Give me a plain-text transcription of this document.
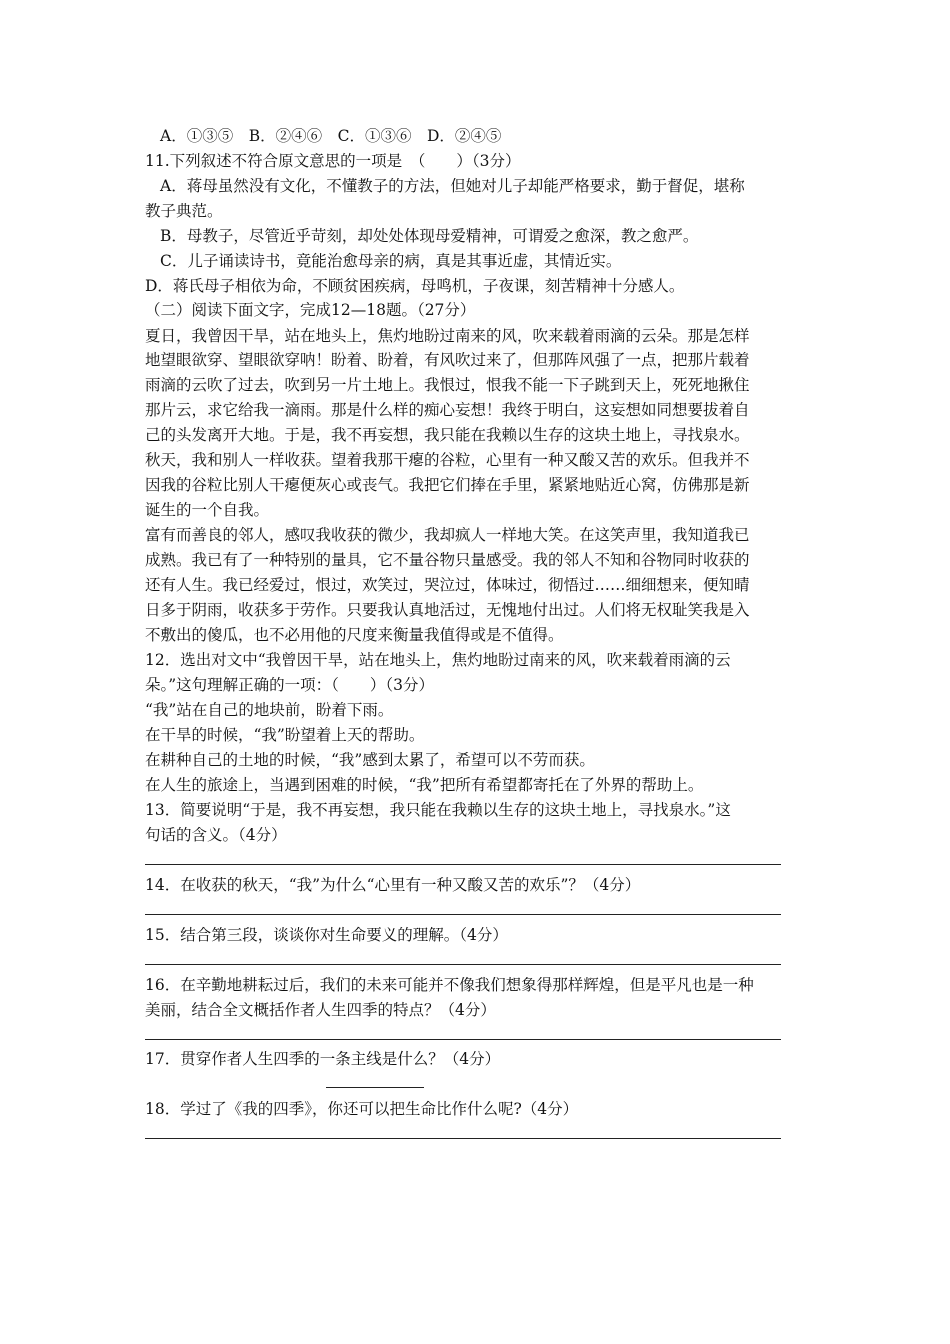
A．①③⑤　B．②④⑥　C．①③⑥　D．②④⑤
11.下列叙述不符合原文意思的一项是　（　　）（3分）
A．蒋母虽然没有文化，不懂教子的方法，但她对儿子却能严格要求，勤于督促，堪称
教子典范。
B．母教子，尽管近乎苛刻，却处处体现母爱精神，可谓爱之愈深，教之愈严。
C．儿子诵读诗书，竟能治愈母亲的病，真是其事近虚，其情近实。
D．蒋氏母子相依为命，不顾贫困疾病，母鸣机，子夜课，刻苦精神十分感人。
（二）阅读下面文字，完成12—18题。（27分）
夏日，我曾因干旱，站在地头上，焦灼地盼过南来的风，吹来载着雨滴的云朵。那是怎样
地望眼欲穿、望眼欲穿呐！盼着、盼着，有风吹过来了，但那阵风强了一点，把那片载着
雨滴的云吹了过去，吹到另一片土地上。我恨过，恨我不能一下子跳到天上，死死地揪住
那片云，求它给我一滴雨。那是什么样的痴心妄想！我终于明白，这妄想如同想要拔着自
己的头发离开大地。于是，我不再妄想，我只能在我赖以生存的这块土地上，寻找泉水。
秋天，我和别人一样收获。望着我那干瘪的谷粒，心里有一种又酸又苦的欢乐。但我并不
因我的谷粒比别人干瘪便灰心或丧气。我把它们捧在手里，紧紧地贴近心窝，仿佛那是新
诞生的一个自我。
富有而善良的邻人，感叹我收获的微少，我却疯人一样地大笑。在这笑声里，我知道我已
成熟。我已有了一种特别的量具，它不量谷物只量感受。我的邻人不知和谷物同时收获的
还有人生。我已经爱过，恨过，欢笑过，哭泣过，体味过，彻悟过……细细想来，便知晴
日多于阴雨，收获多于劳作。只要我认真地活过，无愧地付出过。人们将无权耻笑我是入
不敷出的傻瓜，也不必用他的尺度来衡量我值得或是不值得。
12．选出对文中“我曾因干旱，站在地头上，焦灼地盼过南来的风，吹来载着雨滴的云
朵。”这句理解正确的一项：（　　）（3分）
“我”站在自己的地块前，盼着下雨。
在干旱的时候，“我”盼望着上天的帮助。
在耕种自己的土地的时候，“我”感到太累了，希望可以不劳而获。
在人生的旅途上，当遇到困难的时候，“我”把所有希望都寄托在了外界的帮助上。
13．简要说明“于是，我不再妄想，我只能在我赖以生存的这块土地上，寻找泉水。”这
句话的含义。（4分）
14．在收获的秋天，“我”为什么“心里有一种又酸又苦的欢乐”？（4分）
15．结合第三段，谈谈你对生命要义的理解。（4分）
16．在辛勤地耕耘过后，我们的未来可能并不像我们想象得那样辉煌，但是平凡也是一种
美丽，结合全文概括作者人生四季的特点？（4分）
17．贯穿作者人生四季的一条主线是什么？（4分）
18．学过了《我的四季》，你还可以把生命比作什么呢?（4分）
